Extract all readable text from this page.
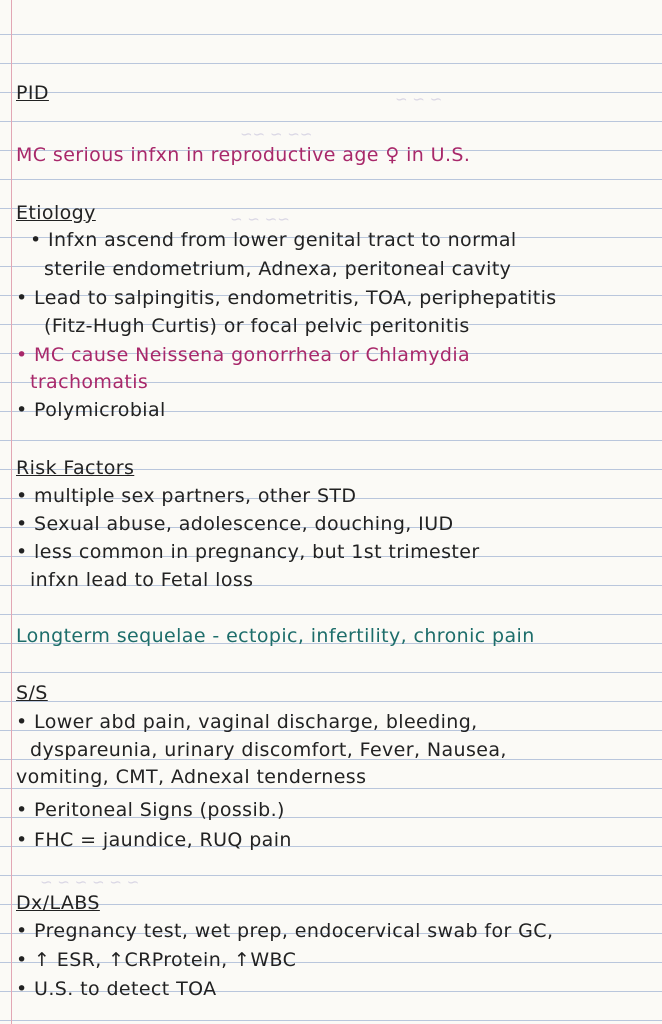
~ ~ ~
~~ ~ ~~
~~ ~ ~
~ ~ ~ ~ ~ ~
PID
MC serious infxn in reproductive age ♀ in U.S.
Etiology
• Infxn ascend from lower genital tract to normal
sterile endometrium, Adnexa, peritoneal cavity
• Lead to salpingitis, endometritis, TOA, periphepatitis
(Fitz-Hugh Curtis) or focal pelvic peritonitis
• MC cause Neissena gonorrhea or Chlamydia
trachomatis
• Polymicrobial
Risk Factors
• multiple sex partners, other STD
• Sexual abuse, adolescence, douching, IUD
• less common in pregnancy, but 1st trimester
infxn lead to Fetal loss
Longterm sequelae - ectopic, infertility, chronic pain
S/S
• Lower abd pain, vaginal discharge, bleeding,
dyspareunia, urinary discomfort, Fever, Nausea,
vomiting, CMT, Adnexal tenderness
• Peritoneal Signs (possib.)
• FHC = jaundice, RUQ pain
Dx/LABS
• Pregnancy test, wet prep, endocervical swab for GC,
• ↑ ESR, ↑CRProtein, ↑WBC
• U.S. to detect TOA
